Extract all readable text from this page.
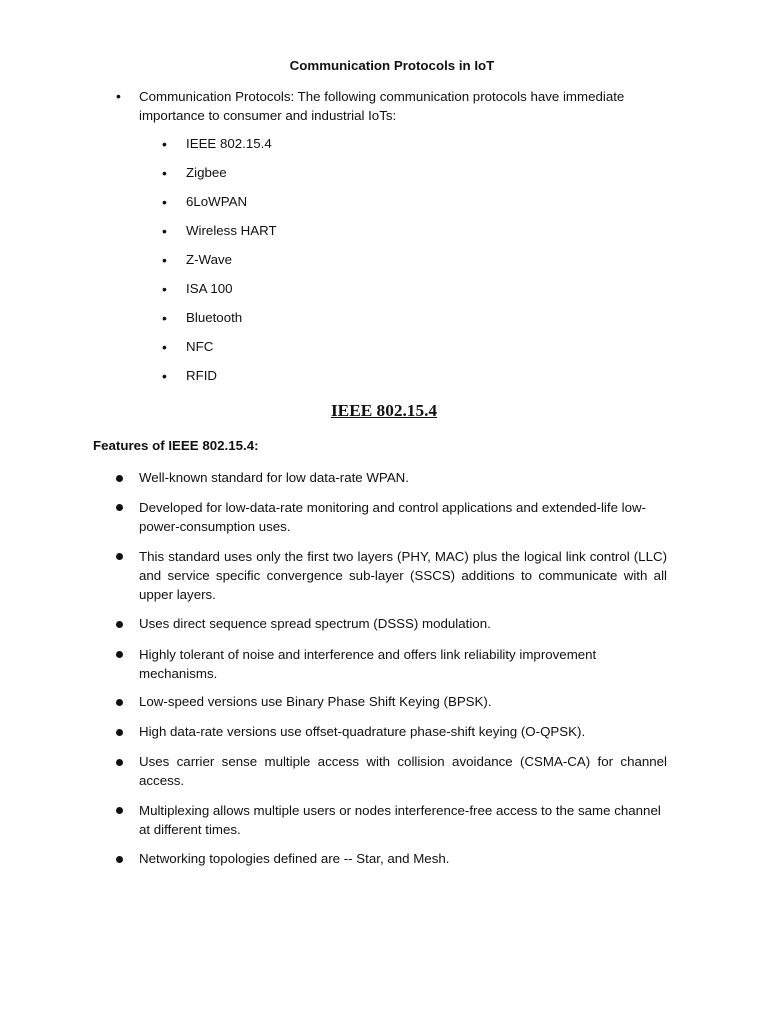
Communication Protocols in IoT
• Communication Protocols: The following communication protocols have immediate importance to consumer and industrial IoTs:
• IEEE 802.15.4
• Zigbee
• 6LoWPAN
• Wireless HART
• Z-Wave
• ISA 100
• Bluetooth
• NFC
• RFID
IEEE 802.15.4
Features of IEEE 802.15.4:
Well-known standard for low data-rate WPAN.
Developed for low-data-rate monitoring and control applications and extended-life low-power-consumption uses.
This standard uses only the first two layers (PHY, MAC) plus the logical link control (LLC) and service specific convergence sub-layer (SSCS) additions to communicate with all upper layers.
Uses direct sequence spread spectrum (DSSS) modulation.
Highly tolerant of noise and interference and offers link reliability improvement mechanisms.
Low-speed versions use Binary Phase Shift Keying (BPSK).
High data-rate versions use offset-quadrature phase-shift keying (O-QPSK).
Uses carrier sense multiple access with collision avoidance (CSMA-CA) for channel access.
Multiplexing allows multiple users or nodes interference-free access to the same channel at different times.
Networking topologies defined are -- Star, and Mesh.
